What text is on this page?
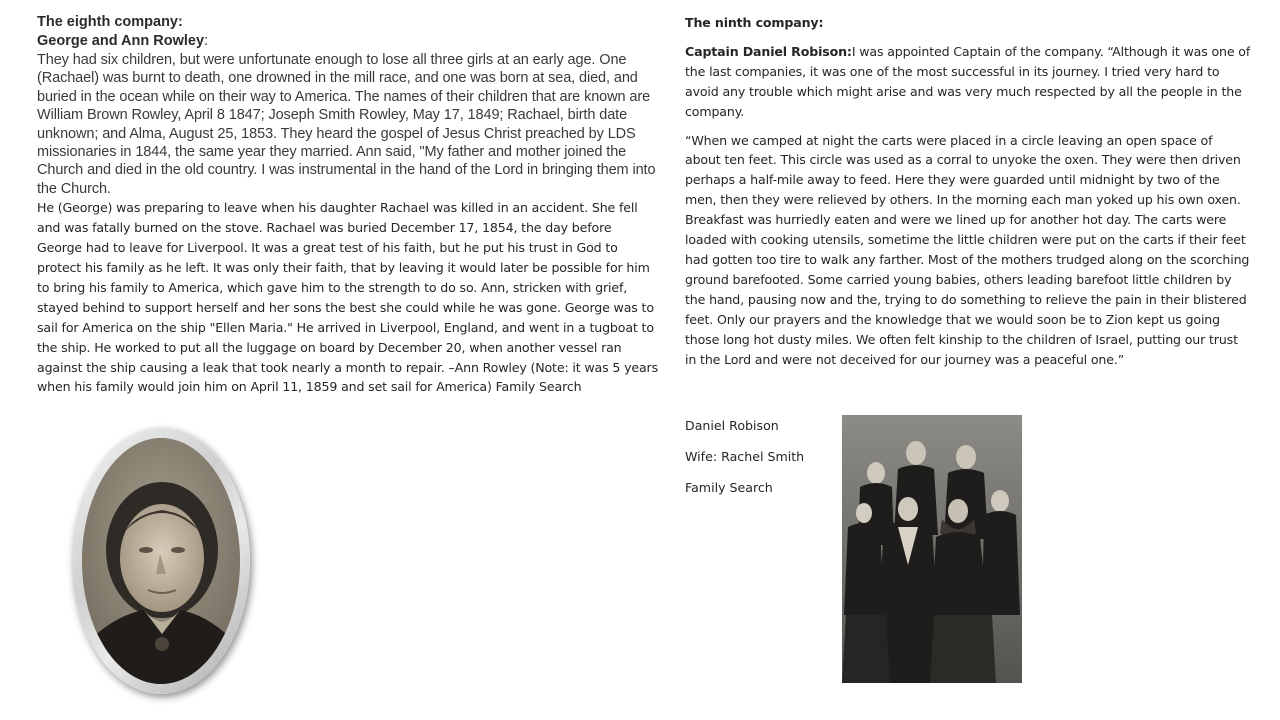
The eighth company:
George and Ann Rowley:
They had six children, but were unfortunate enough to lose all three girls at an early age. One (Rachael) was burnt to death, one drowned in the mill race, and one was born at sea, died, and buried in the ocean while on their way to America. The names of their children that are known are William Brown Rowley, April 8 1847; Joseph Smith Rowley, May 17, 1849; Rachael, birth date unknown; and Alma, August 25, 1853. They heard the gospel of Jesus Christ preached by LDS missionaries in 1844, the same year they married. Ann said, "My father and mother joined the Church and died in the old country. I was instrumental in the hand of the Lord in bringing them into the Church.
He (George) was preparing to leave when his daughter Rachael was killed in an accident. She fell and was fatally burned on the stove. Rachael was buried December 17, 1854, the day before George had to leave for Liverpool. It was a great test of his faith, but he put his trust in God to protect his family as he left. It was only their faith, that by leaving it would later be possible for him to bring his family to America, which gave him to the strength to do so. Ann, stricken with grief, stayed behind to support herself and her sons the best she could while he was gone. George was to sail for America on the ship "Ellen Maria." He arrived in Liverpool, England, and went in a tugboat to the ship. He worked to put all the luggage on board by December 20, when another vessel ran against the ship causing a leak that took nearly a month to repair. –Ann Rowley (Note: it was 5 years when his family would join him on April 11, 1859 and set sail for America) Family Search

The ninth company:

Captain Daniel Robison:I was appointed Captain of the company. “Although it was one of the last companies, it was one of the most successful in its journey. I tried very hard to avoid any trouble which might arise and was very much respected by all the people in the company.

“When we camped at night the carts were placed in a circle leaving an open space of about ten feet. This circle was used as a corral to unyoke the oxen. They were then driven perhaps a half-mile away to feed. Here they were guarded until midnight by two of the men, then they were relieved by others. In the morning each man yoked up his own oxen. Breakfast was hurriedly eaten and were we lined up for another hot day. The carts were loaded with cooking utensils, sometime the little children were put on the carts if their feet had gotten too tire to walk any farther. Most of the mothers trudged along on the scorching ground barefooted. Some carried young babies, others leading barefoot little children by the hand, pausing now and the, trying to do something to relieve the pain in their blistered feet. Only our prayers and the knowledge that we would soon be to Zion kept us going those long hot dusty miles. We often felt kinship to the children of Israel, putting our trust in the Lord and were not deceived for our journey was a peaceful one.”

Daniel Robison

Wife: Rachel Smith

Family Search
